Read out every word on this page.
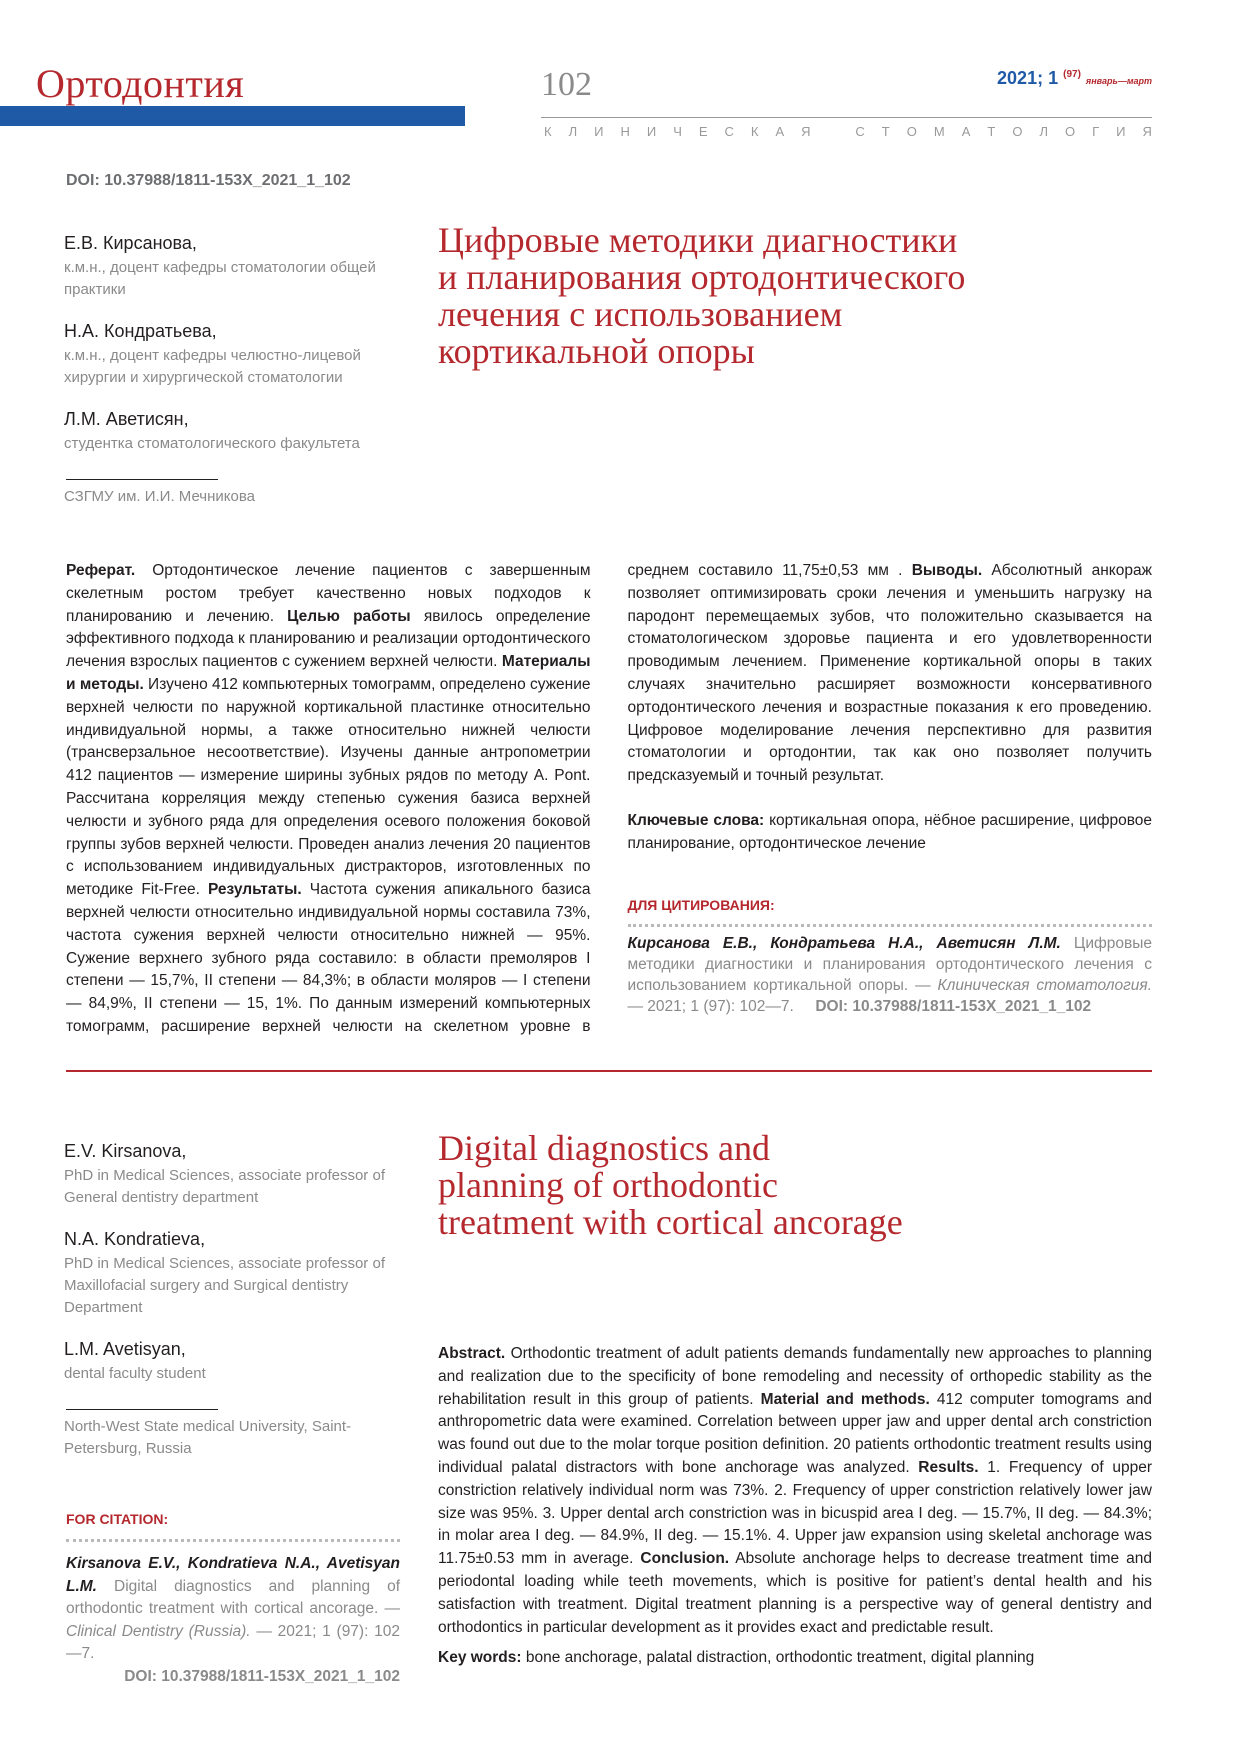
Ортодонтия	102	2021; 1 $^{(97)}$ январь—март
К Л И Н И Ч Е С К А Я
	С Т О М А Т О Л О Г И Я
DOI: 10.37988/1811-153X_2021_1_102
Е.В. Кирсанова,
к.м.н., доцент кафедры стоматологии общей практики
Н.А. Кондратьева,
к.м.н., доцент кафедры челюстно-лицевой хирургии и хирургической стоматологии
Л.М. Аветисян,
студентка стоматологического факультета
СЗГМУ им. И.И. Мечникова
Цифровые методики диагностики
и планирования ортодонтического
лечения с использованием
кортикальной опоры
Реферат. Ортодонтическое лечение пациентов с завершенным скелетным ростом требует качественно новых подходов к планированию и лечению. Целью работы явилось определение эффективного подхода к планированию и реализации ортодонтического лечения взрослых пациентов с сужением верхней челюсти. Материалы и методы. Изучено 412 компьютерных томограмм, определено сужение верхней челюсти по наружной кортикальной пластинке относительно индивидуальной нормы, а также относительно нижней челюсти (трансверзальное несоответствие). Изучены данные антропометрии 412 пациентов — измерение ширины зубных рядов по методу А. Pont. Рассчитана корреляция между степенью сужения базиса верхней челюсти и зубного ряда для определения осевого положения боковой группы зубов верхней челюсти. Проведен анализ лечения 20 пациентов с использованием индивидуальных дистракторов, изготовленных по методике Fit-Free. Результаты. Частота сужения апикального базиса верхней челюсти относительно индивидуальной нормы составила 73%, частота сужения верхней челюсти относительно нижней — 95%. Сужение верхнего зубного ряда составило: в области премоляров I степени — 15,7%, II степени — 84,3%; в области моляров — I степени — 84,9%, II степени — 15, 1%. По данным измерений компьютерных томограмм, расширение верхней челюсти на скелетном уровне в среднем составило 11,75±0,53 мм . Выводы. Абсолютный анкораж позволяет оптимизировать сроки лечения и уменьшить нагрузку на пародонт перемещаемых зубов, что положительно сказывается на стоматологическом здоровье пациента и его удовлетворенности проводимым лечением. Применение кортикальной опоры в таких случаях значительно расширяет возможности консервативного ортодонтического лечения и возрастные показания к его проведению. Цифровое моделирование лечения перспективно для развития стоматологии и ортодонтии, так как оно позволяет получить предсказуемый и точный результат.
Ключевые слова: кортикальная опора, нёбное расширение, цифровое планирование, ортодонтическое лечение
ДЛЯ ЦИТИРОВАНИЯ:
Кирсанова Е.В., Кондратьева Н.А., Аветисян Л.М. Цифровые методики диагностики и планирования ортодонтического лечения с использованием кортикальной опоры. — Клиническая стоматология. — 2021; 1 (97): 102—7. DOI: 10.37988/1811-153X_2021_1_102
E.V. Kirsanova,
PhD in Medical Sciences, associate professor of General dentistry department
N.A. Kondratieva,
PhD in Medical Sciences, associate professor of Maxillofacial surgery and Surgical dentistry Department
L.M. Avetisyan,
dental faculty student
North-West State medical University, Saint-Petersburg, Russia
FOR CITATION:
Kirsanova E.V., Kondratieva N.A., Avetisyan L.M. Digital diagnostics and planning of orthodontic treatment with cortical ancorage. — Clinical Dentistry (Russia). — 2021; 1 (97): 102—7.
DOI: 10.37988/1811-153X_2021_1_102
Digital diagnostics and
planning of orthodontic
treatment with cortical ancorage
Abstract. Orthodontic treatment of adult patients demands fundamentally new approaches to planning and realization due to the specificity of bone remodeling and necessity of orthopedic stability as the rehabilitation result in this group of patients. Material and methods. 412 computer tomograms and anthropometric data were examined. Correlation between upper jaw and upper dental arch constriction was found out due to the molar torque position definition. 20 patients orthodontic treatment results using individual palatal distractors with bone anchorage was analyzed. Results. 1. Frequency of upper constriction relatively individual norm was 73%. 2. Frequency of upper constriction relatively lower jaw size was 95%. 3. Upper dental arch constriction was in bicuspid area I deg. — 15.7%, II deg. — 84.3%; in molar area I deg. — 84.9%, II deg. — 15.1%. 4. Upper jaw expansion using skeletal anchorage was 11.75±0.53 mm in average. Conclusion. Absolute anchorage helps to decrease treatment time and periodontal loading while teeth movements, which is positive for patient’s dental health and his satisfaction with treatment. Digital treatment planning is a perspective way of general dentistry and orthodontics in particular development as it provides exact and predictable result.
Key words: bone anchorage, palatal distraction, orthodontic treatment, digital planning
